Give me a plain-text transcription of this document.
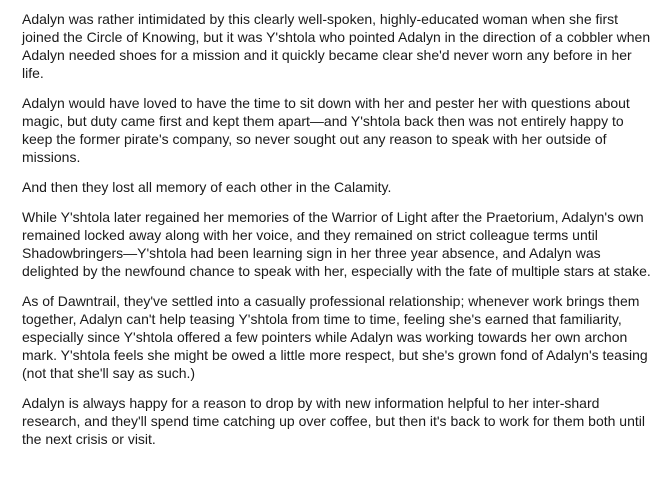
Adalyn was rather intimidated by this clearly well-spoken, highly-educated woman when she first joined the Circle of Knowing, but it was Y'shtola who pointed Adalyn in the direction of a cobbler when Adalyn needed shoes for a mission and it quickly became clear she'd never worn any before in her life.

Adalyn would have loved to have the time to sit down with her and pester her with questions about magic, but duty came first and kept them apart—and Y'shtola back then was not entirely happy to keep the former pirate's company, so never sought out any reason to speak with her outside of missions.

And then they lost all memory of each other in the Calamity.

While Y'shtola later regained her memories of the Warrior of Light after the Praetorium, Adalyn's own remained locked away along with her voice, and they remained on strict colleague terms until Shadowbringers—Y'shtola had been learning sign in her three year absence, and Adalyn was delighted by the newfound chance to speak with her, especially with the fate of multiple stars at stake.

As of Dawntrail, they've settled into a casually professional relationship; whenever work brings them together, Adalyn can't help teasing Y'shtola from time to time, feeling she's earned that familiarity, especially since Y'shtola offered a few pointers while Adalyn was working towards her own archon mark. Y'shtola feels she might be owed a little more respect, but she's grown fond of Adalyn's teasing (not that she'll say as such.)

Adalyn is always happy for a reason to drop by with new information helpful to her inter-shard research, and they'll spend time catching up over coffee, but then it's back to work for them both until the next crisis or visit.
